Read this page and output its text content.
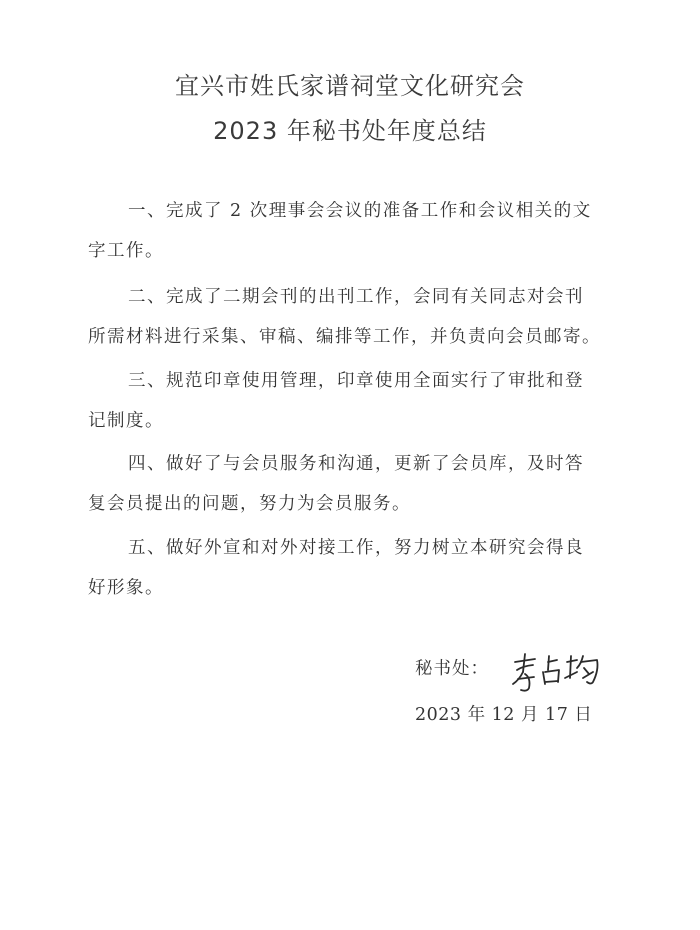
宜兴市姓氏家谱祠堂文化研究会
2023 年秘书处年度总结
一、完成了 2 次理事会会议的准备工作和会议相关的文
字工作。
二、完成了二期会刊的出刊工作，会同有关同志对会刊
所需材料进行采集、审稿、编排等工作，并负责向会员邮寄。
三、规范印章使用管理，印章使用全面实行了审批和登
记制度。
四、做好了与会员服务和沟通，更新了会员库，及时答
复会员提出的问题，努力为会员服务。
五、做好外宣和对外对接工作，努力树立本研究会得良
好形象。
秘书处：
2023 年 12 月 17 日
